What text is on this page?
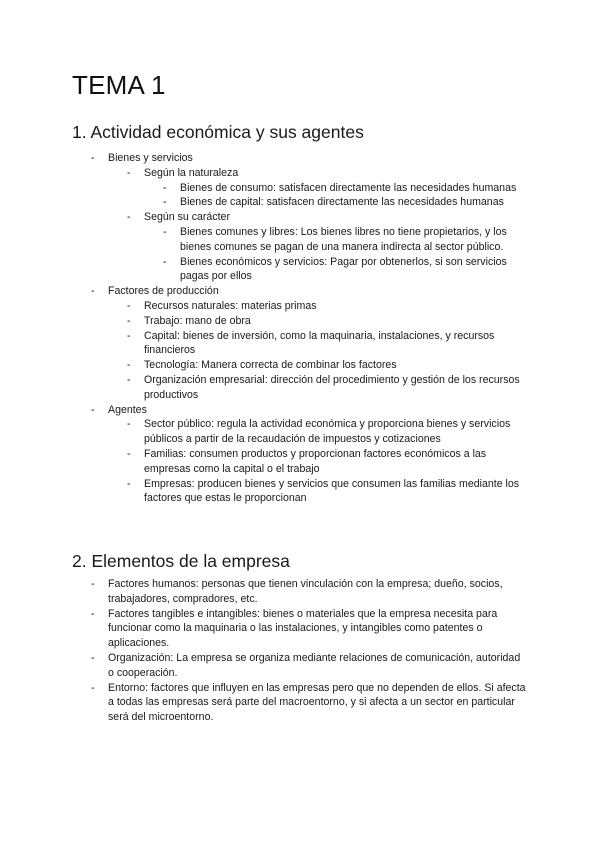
TEMA 1
1. Actividad económica y sus agentes
- Bienes y servicios
- Según la naturaleza
- Bienes de consumo: satisfacen directamente las necesidades humanas
- Bienes de capital: satisfacen directamente las necesidades humanas
- Según su carácter
- Bienes comunes y libres: Los bienes libres no tiene propietarios, y los bienes comunes se pagan de una manera indirecta al sector público.
- Bienes económicos y servicios: Pagar por obtenerlos, si son servicios pagas por ellos
- Factores de producción
- Recursos naturales: materias primas
- Trabajo: mano de obra
- Capital: bienes de inversión, como la maquinaria, instalaciones, y recursos financieros
- Tecnología: Manera correcta de combinar los factores
- Organización empresarial: dirección del procedimiento y gestión de los recursos productivos
- Agentes
- Sector público: regula la actividad económica y proporciona bienes y servicios públicos a partir de la recaudación de impuestos y cotizaciones
- Familias: consumen productos y proporcionan factores económicos a las empresas como la capital o el trabajo
- Empresas: producen bienes y servicios que consumen las familias mediante los factores que estas le proporcionan
2. Elementos de la empresa
- Factores humanos: personas que tienen vinculación con la empresa; dueño, socios, trabajadores, compradores, etc.
- Factores tangibles e intangibles: bienes o materiales que la empresa necesita para funcionar como la maquinaria o las instalaciones, y intangibles como patentes o aplicaciones.
- Organización: La empresa se organiza mediante relaciones de comunicación, autoridad o cooperación.
- Entorno: factores que influyen en las empresas pero que no dependen de ellos. Si afecta a todas las empresas será parte del macroentorno, y si afecta a un sector en particular será del microentorno.
